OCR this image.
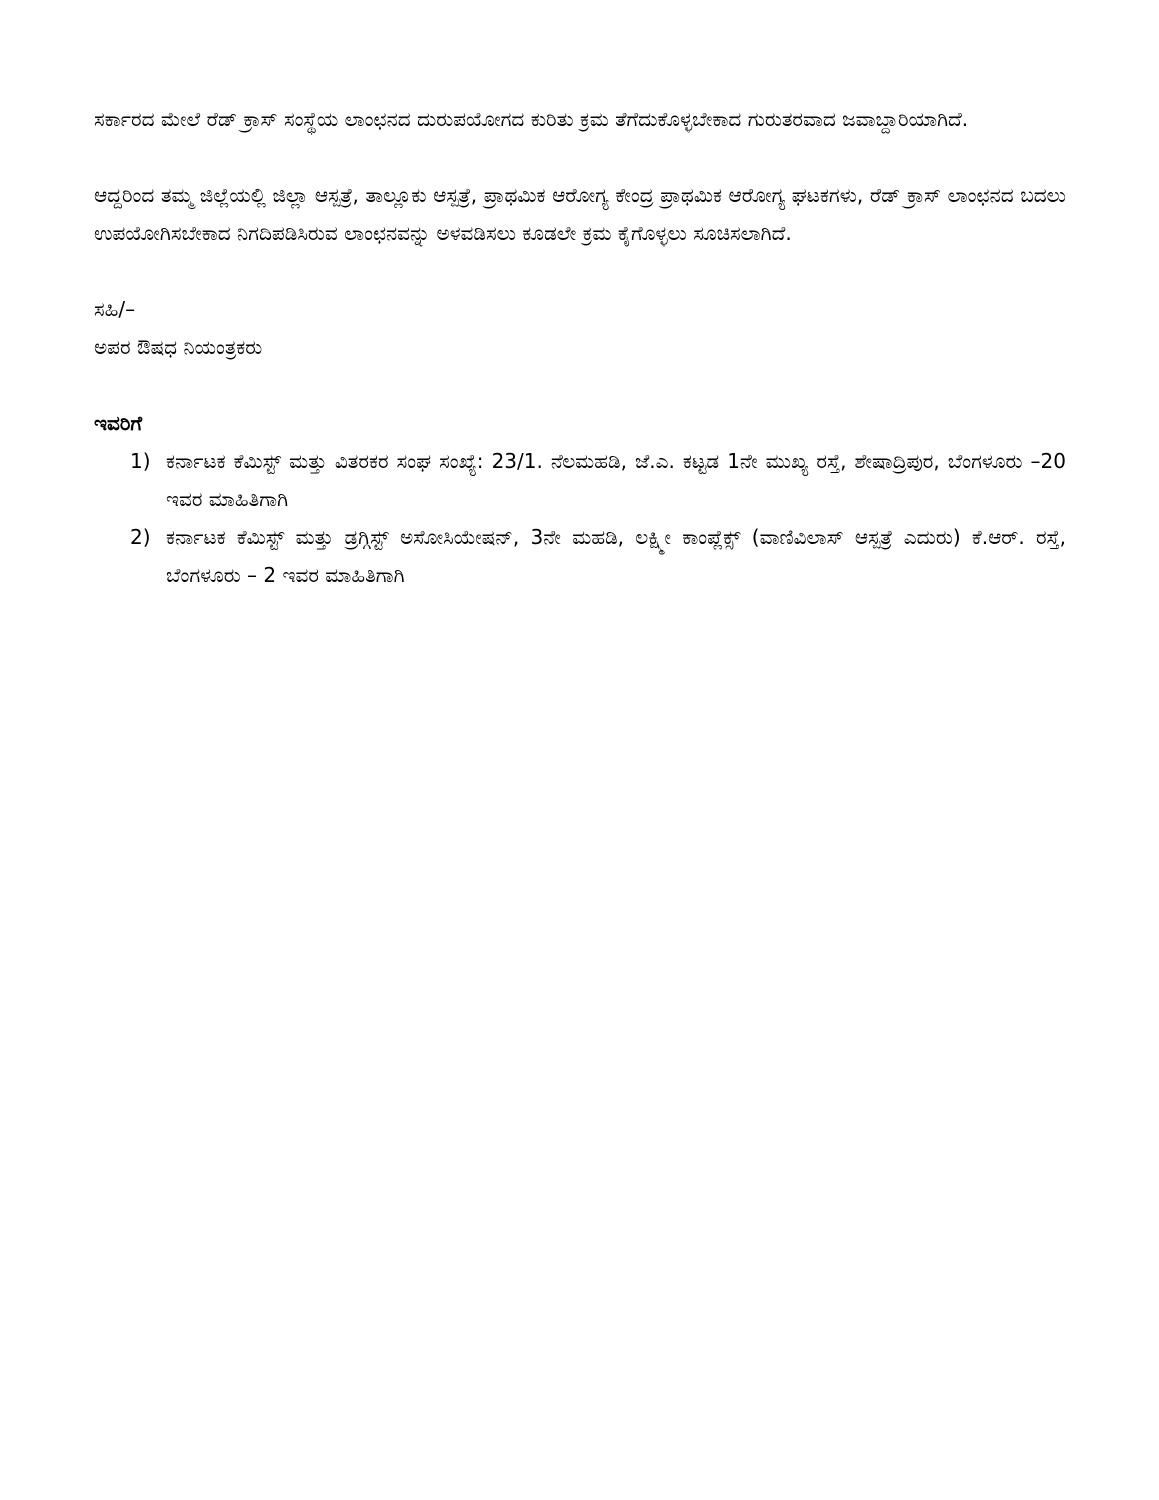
ಸರ್ಕಾರದ ಮೇಲೆ ರೆಡ್ ಕ್ರಾಸ್ ಸಂಸ್ಥೆಯ ಲಾಂಛನದ ದುರುಪಯೋಗದ ಕುರಿತು ಕ್ರಮ ತೆಗೆದುಕೊಳ್ಳಬೇಕಾದ ಗುರುತರವಾದ ಜವಾಬ್ದಾರಿಯಾಗಿದೆ.

ಆದ್ದರಿಂದ ತಮ್ಮ ಜಿಲ್ಲೆಯಲ್ಲಿ ಜಿಲ್ಲಾ ಆಸ್ಪತ್ರೆ, ತಾಲ್ಲೂಕು ಆಸ್ಪತ್ರೆ, ಪ್ರಾಥಮಿಕ ಆರೋಗ್ಯ ಕೇಂದ್ರ ಪ್ರಾಥಮಿಕ ಆರೋಗ್ಯ ಘಟಕಗಳು, ರೆಡ್ ಕ್ರಾಸ್ ಲಾಂಛನದ ಬದಲು ಉಪಯೋಗಿಸಬೇಕಾದ ನಿಗದಿಪಡಿಸಿರುವ ಲಾಂಛನವನ್ನು ಅಳವಡಿಸಲು ಕೂಡಲೇ ಕ್ರಮ ಕೈಗೊಳ್ಳಲು ಸೂಚಿಸಲಾಗಿದೆ.

ಸಹಿ/–
ಅಪರ ಔಷಧ ನಿಯಂತ್ರಕರು
ಇವರಿಗೆ
1) ಕರ್ನಾಟಕ ಕೆಮಿಸ್ಟ್ ಮತ್ತು ವಿತರಕರ ಸಂಘ ಸಂಖ್ಯೆ: 23/1. ನೆಲಮಹಡಿ, ಜೆ.ಎ. ಕಟ್ಟಡ 1ನೇ ಮುಖ್ಯ ರಸ್ತೆ, ಶೇಷಾದ್ರಿಪುರ, ಬೆಂಗಳೂರು –20 ಇವರ ಮಾಹಿತಿಗಾಗಿ
2) ಕರ್ನಾಟಕ ಕೆಮಿಸ್ಟ್ ಮತ್ತು ಡ್ರಗ್ಗಿಸ್ಟ್ ಅಸೋಸಿಯೇಷನ್, 3ನೇ ಮಹಡಿ, ಲಕ್ಷ್ಮೀ ಕಾಂಪ್ಲೆಕ್ಸ್ (ವಾಣಿವಿಲಾಸ್ ಆಸ್ಪತ್ರೆ ಎದುರು) ಕೆ.ಆರ್. ರಸ್ತೆ, ಬೆಂಗಳೂರು – 2 ಇವರ ಮಾಹಿತಿಗಾಗಿ
